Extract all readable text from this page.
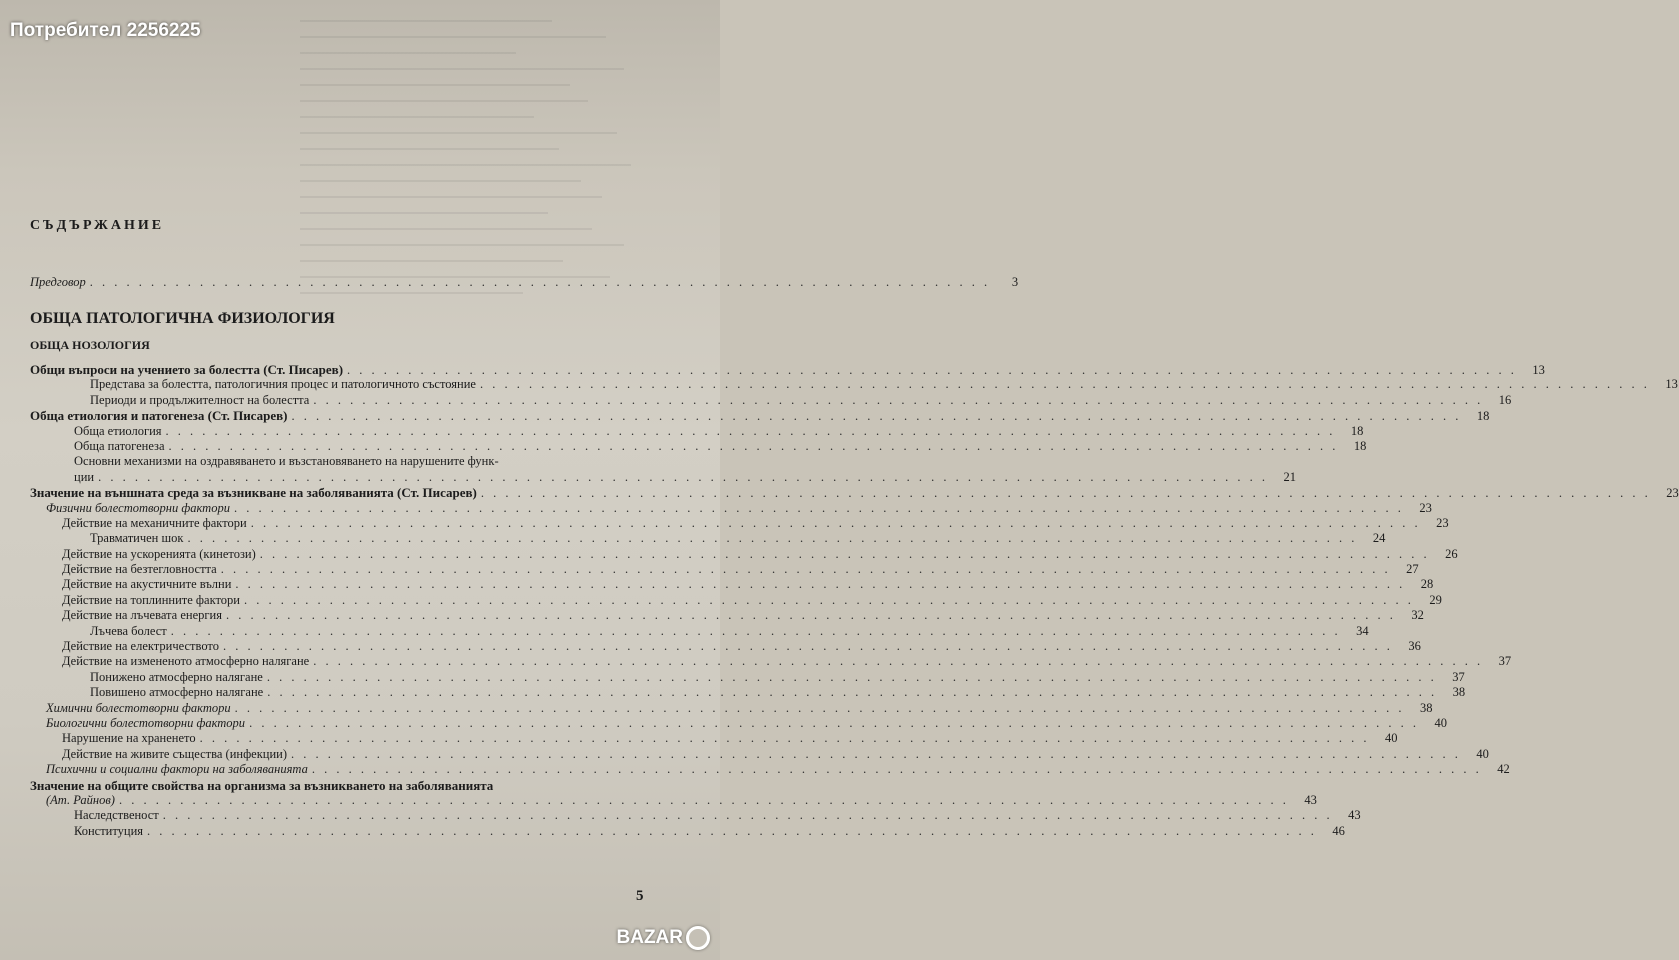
Потребител 2256225
СЪДЪРЖАНИЕ
Предговор . . . . . . . . . . . . . . . . . . . . . . . . . . . . . . . . . . . . . . . . . . . . . . . . . . . . . . . . . . . . . . . . . . . . . . . . . .	3
ОБЩА ПАТОЛОГИЧНА ФИЗИОЛОГИЯ
ОБЩА НОЗОЛОГИЯ
Общи въпроси на учението за болестта (Ст. Писарев) . . . . . . . . . . . . . . . . . . . . . . . . . . . . . . . . . . . . . . . . . . . . . . . . . . . . . . . . . . . . . . . . . . . . . . . . . . . . . . . . . . . . . . . . . . . . . . . .	13
Представа за болестта, патологичния процес и патологичното състояние . . . . . . . . . . . . . . . . . . . . . . . . . . . . . . . . . . . . . . . . . . . . . . . . . . . . . . . . . . . . . . . . . . . . . . . . . . . . . . . . . . . . . . . . . . . . . . . .	13
Периоди и продължителност на болестта . . . . . . . . . . . . . . . . . . . . . . . . . . . . . . . . . . . . . . . . . . . . . . . . . . . . . . . . . . . . . . . . . . . . . . . . . . . . . . . . . . . . . . . . . . . . . . . .	16
Обща етиология и патогенеза (Ст. Писарев) . . . . . . . . . . . . . . . . . . . . . . . . . . . . . . . . . . . . . . . . . . . . . . . . . . . . . . . . . . . . . . . . . . . . . . . . . . . . . . . . . . . . . . . . . . . . . . . .	18
Обща етиология . . . . . . . . . . . . . . . . . . . . . . . . . . . . . . . . . . . . . . . . . . . . . . . . . . . . . . . . . . . . . . . . . . . . . . . . . . . . . . . . . . . . . . . . . . . . . . . .	18
Обща патогенеза . . . . . . . . . . . . . . . . . . . . . . . . . . . . . . . . . . . . . . . . . . . . . . . . . . . . . . . . . . . . . . . . . . . . . . . . . . . . . . . . . . . . . . . . . . . . . . . .	18
Основни механизми на оздравяването и възстановяването на нарушените функ-
ции . . . . . . . . . . . . . . . . . . . . . . . . . . . . . . . . . . . . . . . . . . . . . . . . . . . . . . . . . . . . . . . . . . . . . . . . . . . . . . . . . . . . . . . . . . . . . . . .	21
Значение на външната среда за възникване на заболяванията (Ст. Писарев) . . . . . . . . . . . . . . . . . . . . . . . . . . . . . . . . . . . . . . . . . . . . . . . . . . . . . . . . . . . . . . . . . . . . . . . . . . . . . . . . . . . . . . . . . . . . . . . .	23
Физични болестотворни фактори . . . . . . . . . . . . . . . . . . . . . . . . . . . . . . . . . . . . . . . . . . . . . . . . . . . . . . . . . . . . . . . . . . . . . . . . . . . . . . . . . . . . . . . . . . . . . . . .	23
Действие на механичните фактори . . . . . . . . . . . . . . . . . . . . . . . . . . . . . . . . . . . . . . . . . . . . . . . . . . . . . . . . . . . . . . . . . . . . . . . . . . . . . . . . . . . . . . . . . . . . . . . .	23
Травматичен шок . . . . . . . . . . . . . . . . . . . . . . . . . . . . . . . . . . . . . . . . . . . . . . . . . . . . . . . . . . . . . . . . . . . . . . . . . . . . . . . . . . . . . . . . . . . . . . . .	24
Действие на ускоренията (кинетози) . . . . . . . . . . . . . . . . . . . . . . . . . . . . . . . . . . . . . . . . . . . . . . . . . . . . . . . . . . . . . . . . . . . . . . . . . . . . . . . . . . . . . . . . . . . . . . . .	26
Действие на безтегловността . . . . . . . . . . . . . . . . . . . . . . . . . . . . . . . . . . . . . . . . . . . . . . . . . . . . . . . . . . . . . . . . . . . . . . . . . . . . . . . . . . . . . . . . . . . . . . . .	27
Действие на акустичните вълни . . . . . . . . . . . . . . . . . . . . . . . . . . . . . . . . . . . . . . . . . . . . . . . . . . . . . . . . . . . . . . . . . . . . . . . . . . . . . . . . . . . . . . . . . . . . . . . .	28
Действие на топлинните фактори . . . . . . . . . . . . . . . . . . . . . . . . . . . . . . . . . . . . . . . . . . . . . . . . . . . . . . . . . . . . . . . . . . . . . . . . . . . . . . . . . . . . . . . . . . . . . . . .	29
Действие на лъчевата енергия . . . . . . . . . . . . . . . . . . . . . . . . . . . . . . . . . . . . . . . . . . . . . . . . . . . . . . . . . . . . . . . . . . . . . . . . . . . . . . . . . . . . . . . . . . . . . . . .	32
Лъчева болест . . . . . . . . . . . . . . . . . . . . . . . . . . . . . . . . . . . . . . . . . . . . . . . . . . . . . . . . . . . . . . . . . . . . . . . . . . . . . . . . . . . . . . . . . . . . . . . .	34
Действие на електричеството . . . . . . . . . . . . . . . . . . . . . . . . . . . . . . . . . . . . . . . . . . . . . . . . . . . . . . . . . . . . . . . . . . . . . . . . . . . . . . . . . . . . . . . . . . . . . . . .	36
Действие на измененото атмосферно налягане . . . . . . . . . . . . . . . . . . . . . . . . . . . . . . . . . . . . . . . . . . . . . . . . . . . . . . . . . . . . . . . . . . . . . . . . . . . . . . . . . . . . . . . . . . . . . . . .	37
Понижено атмосферно налягане . . . . . . . . . . . . . . . . . . . . . . . . . . . . . . . . . . . . . . . . . . . . . . . . . . . . . . . . . . . . . . . . . . . . . . . . . . . . . . . . . . . . . . . . . . . . . . . .	37
Повишено атмосферно налягане . . . . . . . . . . . . . . . . . . . . . . . . . . . . . . . . . . . . . . . . . . . . . . . . . . . . . . . . . . . . . . . . . . . . . . . . . . . . . . . . . . . . . . . . . . . . . . . .	38
Химични болестотворни фактори . . . . . . . . . . . . . . . . . . . . . . . . . . . . . . . . . . . . . . . . . . . . . . . . . . . . . . . . . . . . . . . . . . . . . . . . . . . . . . . . . . . . . . . . . . . . . . . .	38
Биологични болестотворни фактори . . . . . . . . . . . . . . . . . . . . . . . . . . . . . . . . . . . . . . . . . . . . . . . . . . . . . . . . . . . . . . . . . . . . . . . . . . . . . . . . . . . . . . . . . . . . . . . .	40
Нарушение на храненето . . . . . . . . . . . . . . . . . . . . . . . . . . . . . . . . . . . . . . . . . . . . . . . . . . . . . . . . . . . . . . . . . . . . . . . . . . . . . . . . . . . . . . . . . . . . . . . .	40
Действие на живите същества (инфекции) . . . . . . . . . . . . . . . . . . . . . . . . . . . . . . . . . . . . . . . . . . . . . . . . . . . . . . . . . . . . . . . . . . . . . . . . . . . . . . . . . . . . . . . . . . . . . . . .	40
Психични и социални фактори на заболяванията . . . . . . . . . . . . . . . . . . . . . . . . . . . . . . . . . . . . . . . . . . . . . . . . . . . . . . . . . . . . . . . . . . . . . . . . . . . . . . . . . . . . . . . . . . . . . . . .	42
Значение на общите свойства на организма за възникването на заболяванията
(Ат. Райнов) . . . . . . . . . . . . . . . . . . . . . . . . . . . . . . . . . . . . . . . . . . . . . . . . . . . . . . . . . . . . . . . . . . . . . . . . . . . . . . . . . . . . . . . . . . . . . . . .	43
Наследственост . . . . . . . . . . . . . . . . . . . . . . . . . . . . . . . . . . . . . . . . . . . . . . . . . . . . . . . . . . . . . . . . . . . . . . . . . . . . . . . . . . . . . . . . . . . . . . . .	43
Конституция . . . . . . . . . . . . . . . . . . . . . . . . . . . . . . . . . . . . . . . . . . . . . . . . . . . . . . . . . . . . . . . . . . . . . . . . . . . . . . . . . . . . . . . . . . . . . . . .	46
5
BAZAR
